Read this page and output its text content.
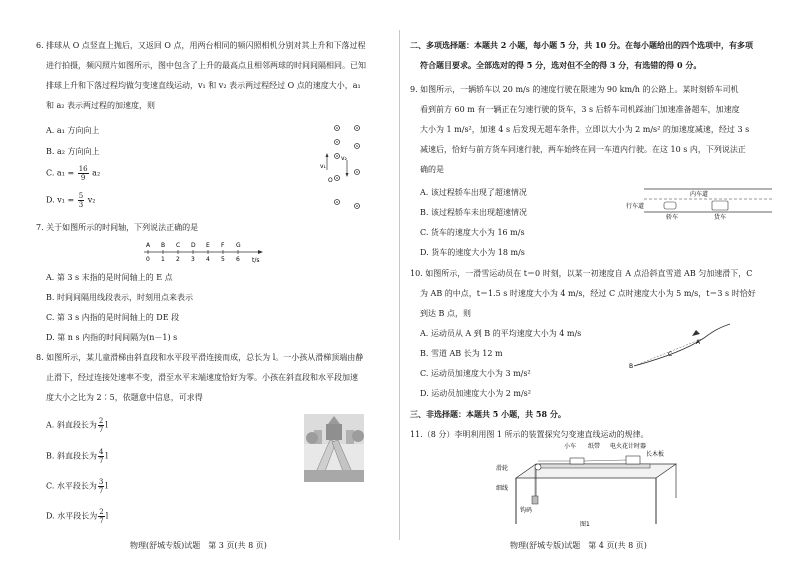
6. 排球从 O 点竖直上抛后，又返回 O 点，用两台相同的频闪照相机分别对其上升和下落过程
进行拍摄，频闪照片如图所示，图中包含了上升的最高点且相邻两球的时间间隔相同。已知
排球上升和下落过程均做匀变速直线运动，v₁ 和 v₂ 表示两过程经过 O 点的速度大小，a₁
和 a₂ 表示两过程的加速度，则
A. a₁ 方向向上
B. a₂ 方向向上
C. $a_1 = \frac{16}{9} a_2$
D. $v_1 = \frac{5}{3} v_2$
v₁
v₂
O
7. 关于如图所示的时间轴，下列说法正确的是
A
0
B
1
C
2
D
3
E
4
F
5
G
6 t/s
A. 第 3 s 末指的是时间轴上的 E 点
B. 时间间隔用线段表示，时刻用点来表示
C. 第 3 s 内指的是时间轴上的 DE 段
D. 第 n s 内指的时间间隔为(n－1) s
8. 如图所示，某儿童滑梯由斜直段和水平段平滑连接而成，总长为 l。一小孩从滑梯顶端由静
止滑下，经过连接处速率不变，滑至水平末端速度恰好为零。小孩在斜直段和水平段加速
度大小之比为 2∶5，依题意中信息，可求得
A. 斜直段长为 $\frac{2}{7}$ l
B. 斜直段长为 $\frac{4}{7}$ l
C. 水平段长为 $\frac{3}{7}$ l
D. 水平段长为 $\frac{2}{7}$ l
物理(舒城专版)试题　第 3 页(共 8 页)
二、多项选择题：本题共 2 小题，每小题 5 分，共 10 分。在每小题给出的四个选项中，有多项
符合题目要求。全部选对的得 5 分，选对但不全的得 3 分，有选错的得 0 分。
9. 如图所示，一辆轿车以 20 m/s 的速度行驶在限速为 90 km/h 的公路上。某时刻轿车司机
看到前方 60 m 有一辆正在匀速行驶的货车，3 s 后轿车司机踩油门加速准备超车，加速度
大小为 1 m/s²，加速 4 s 后发现无超车条件，立即以大小为 2 m/s² 的加速度减速，经过 3 s
减速后，恰好与前方货车同速行驶，两车始终在同一车道内行驶。在这 10 s 内，下列说法正
确的是
A. 该过程轿车出现了超速情况
B. 该过程轿车未出现超速情况
C. 货车的速度大小为 16 m/s
D. 货车的速度大小为 18 m/s
内车道
行车道
轿车	货车
10. 如图所示，一滑雪运动员在 t＝0 时刻，以某一初速度自 A 点沿斜直雪道 AB 匀加速滑下，C
为 AB 的中点，t＝1.5 s 时速度大小为 4 m/s，经过 C 点时速度大小为 5 m/s，t＝3 s 时恰好
到达 B 点，则
A. 运动员从 A 到 B 的平均速度大小为 4 m/s
B. 雪道 AB 长为 12 m
C. 运动员加速度大小为 3 m/s²
D. 运动员加速度大小为 2 m/s²
A
B
C
三、非选择题：本题共 5 小题，共 58 分。
11.（8 分）李明利用图 1 所示的装置探究匀变速直线运动的规律。
小车 纸带 电火花计时器
长木板
滑轮
细线
钩码
图1
物理(舒城专版)试题　第 4 页(共 8 页)
